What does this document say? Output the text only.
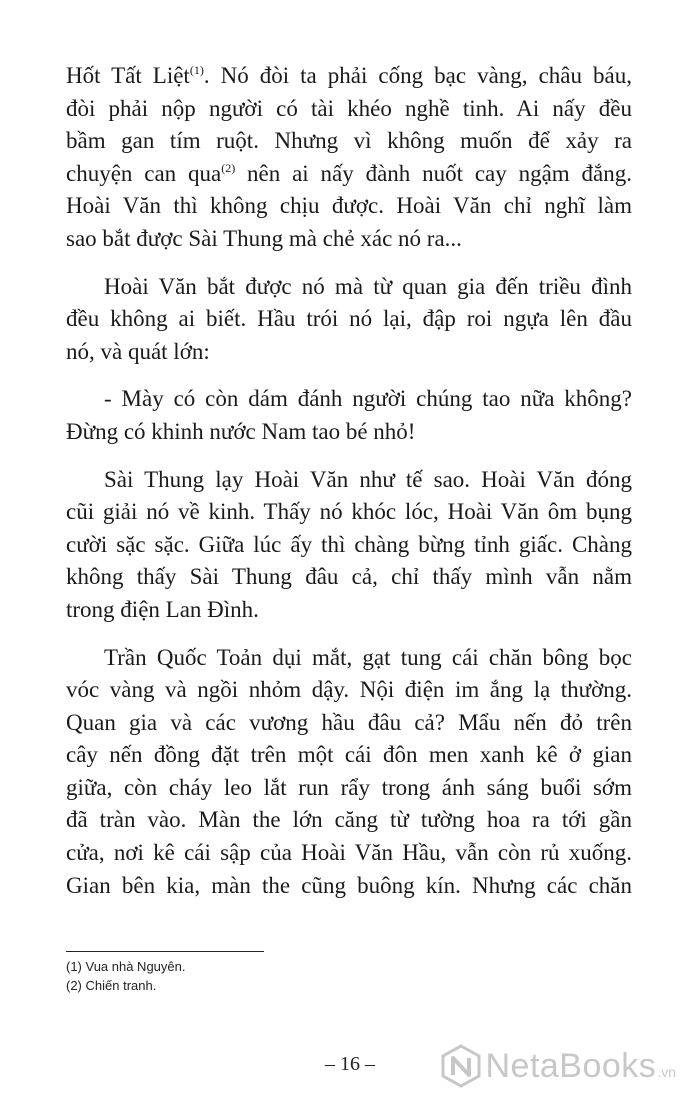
Hốt Tất Liệt$^{(1)}$. Nó đòi ta phải cống bạc vàng, châu báu,
đòi phải nộp người có tài khéo nghề tinh. Ai nấy đều
bầm gan tím ruột. Nhưng vì không muốn để xảy ra
chuyện can qua$^{(2)}$ nên ai nấy đành nuốt cay ngậm đắng.
Hoài Văn thì không chịu được. Hoài Văn chỉ nghĩ làm
sao bắt được Sài Thung mà chẻ xác nó ra...
Hoài Văn bắt được nó mà từ quan gia đến triều đình
đều không ai biết. Hầu trói nó lại, đập roi ngựa lên đầu
nó, và quát lớn:
- Mày có còn dám đánh người chúng tao nữa không?
Đừng có khinh nước Nam tao bé nhỏ!
Sài Thung lạy Hoài Văn như tế sao. Hoài Văn đóng
cũi giải nó về kinh. Thấy nó khóc lóc, Hoài Văn ôm bụng
cười sặc sặc. Giữa lúc ấy thì chàng bừng tỉnh giấc. Chàng
không thấy Sài Thung đâu cả, chỉ thấy mình vẫn nằm
trong điện Lan Đình.
Trần Quốc Toản dụi mắt, gạt tung cái chăn bông bọc
vóc vàng và ngồi nhỏm dậy. Nội điện im ắng lạ thường.
Quan gia và các vương hầu đâu cả? Mẩu nến đỏ trên
cây nến đồng đặt trên một cái đôn men xanh kê ở gian
giữa, còn cháy leo lắt run rẩy trong ánh sáng buổi sớm
đã tràn vào. Màn the lớn căng từ tường hoa ra tới gần
cửa, nơi kê cái sập của Hoài Văn Hầu, vẫn còn rủ xuống.
Gian bên kia, màn the cũng buông kín. Nhưng các chăn
(1) Vua nhà Nguyên.
(2) Chiến tranh.
– 16 –	NetaBooks .vn
